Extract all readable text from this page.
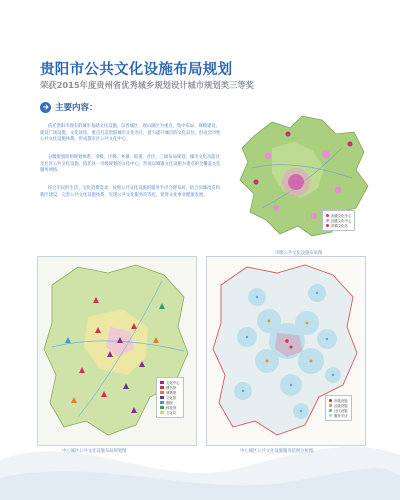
贵阳市公共文化设施布局规划
荣获2015年度贵州省优秀城乡规划设计城市规划类三等奖
主要内容：
依托贵阳市现有的城市基础文化设施，以普城区、观山湖区为重点，集中布局、规模建设，建设广场设施、文化场馆，重点打造贵阳城市文化名片，着力提升城市的文化品位，形成全市性公共文化设施体系，形成都市区公共文化中心。
分级配置原则规划体系，市级、区级、乡镇、街道、社区，三级布局规划，城市文化功能区及社区公共文化设施。依托县一市级规划的文化中心，形成以城镇文化设施为重点的全覆盖文化服务网络。
结合市民的生活、文化消费需求，按照公共文化设施的服务半径合理布局，结合旧城改造和新区建设，完善公共文化设施体系，实现公共文化服务均等化，促进文化事业健康发展。
市级文化中心
区级文化中心
乡镇文化站
市级公共文化设施布局图
文化中心
图书馆
博物馆
文化馆
剧院
科技馆
文化站
中心城区公共文化设施布局规划图
市级设施
区级设施
社区设施
服务半径
中心城区公共文化设施服务范围分析图
